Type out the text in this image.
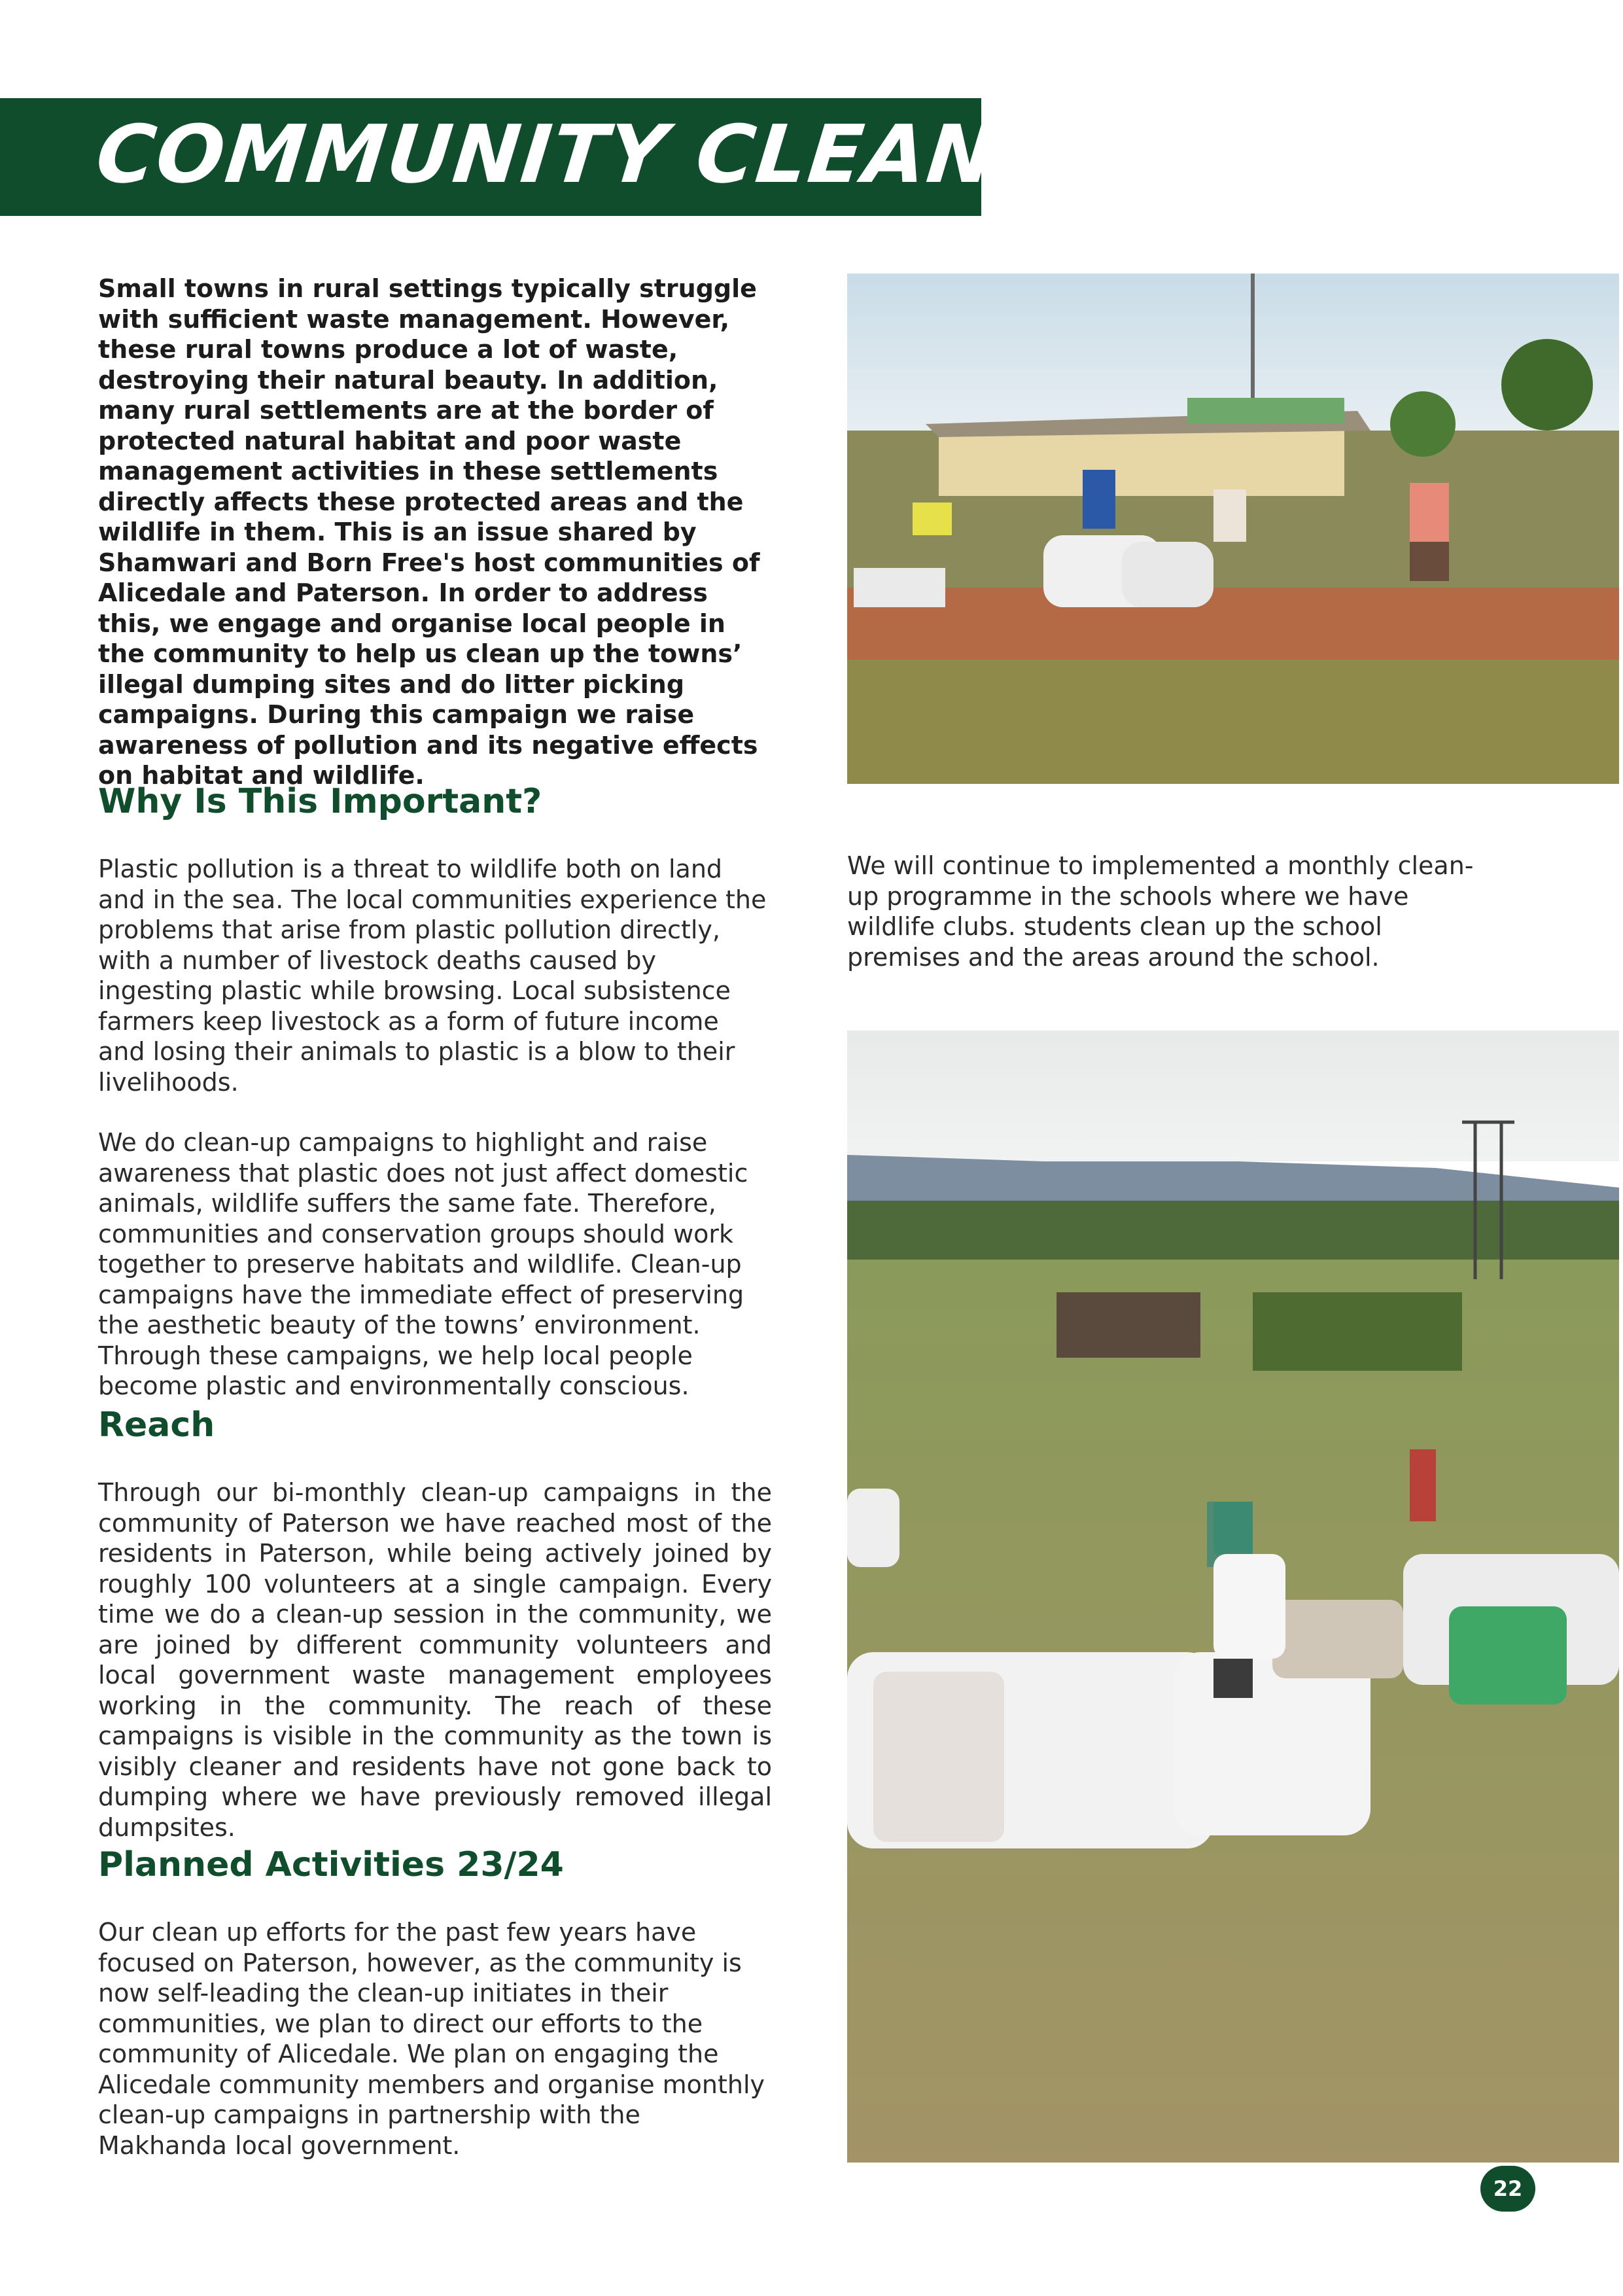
COMMUNITY CLEAN UPS

Small towns in rural settings typically struggle with sufficient waste management. However, these rural towns produce a lot of waste, destroying their natural beauty. In addition, many rural settlements are at the border of protected natural habitat and poor waste management activities in these settlements directly affects these protected areas and the wildlife in them. This is an issue shared by Shamwari and Born Free's host communities of Alicedale and Paterson. In order to address this, we engage and organise local people in the community to help us clean up the towns’ illegal dumping sites and do litter picking campaigns. During this campaign we raise awareness of pollution and its negative effects on habitat and wildlife.

Why Is This Important?

Plastic pollution is a threat to wildlife both on land and in the sea. The local communities experience the problems that arise from plastic pollution directly, with a number of livestock deaths caused by ingesting plastic while browsing. Local subsistence farmers keep livestock as a form of future income and losing their animals to plastic is a blow to their livelihoods.

We do clean-up campaigns to highlight and raise awareness that plastic does not just affect domestic animals, wildlife suffers the same fate. Therefore, communities and conservation groups should work together to preserve habitats and wildlife. Clean-up campaigns have the immediate effect of preserving the aesthetic beauty of the towns’ environment. Through these campaigns, we help local people become plastic and environmentally conscious.

Reach

Through our bi-monthly clean-up campaigns in the community of Paterson we have reached most of the residents in Paterson, while being actively joined by roughly 100 volunteers at a single campaign. Every time we do a clean-up session in the community, we are joined by different community volunteers and local government waste management employees working in the community. The reach of these campaigns is visible in the community as the town is visibly cleaner and residents have not gone back to dumping where we have previously removed illegal dumpsites.

Planned Activities 23/24

Our clean up efforts for the past few years have focused on Paterson, however, as the community is now self-leading the clean-up initiates in their communities, we plan to direct our efforts to the community of Alicedale. We plan on engaging the Alicedale community members and organise monthly clean-up campaigns in partnership with the Makhanda local government.

We will continue to implemented a monthly clean-up programme in the schools where we have wildlife clubs. students clean up the school premises and the areas around the school.

22
